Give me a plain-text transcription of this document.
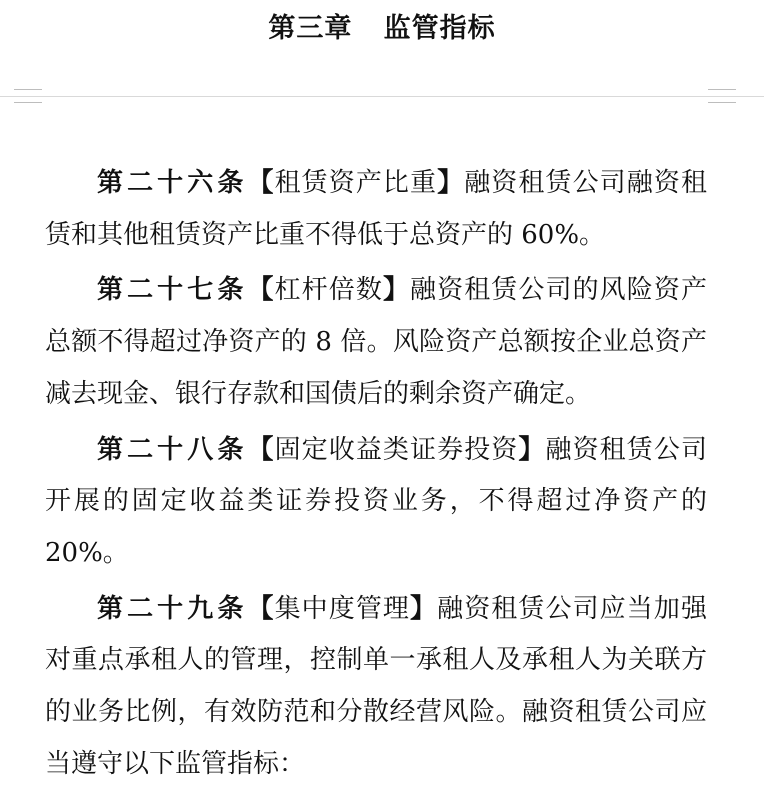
第三章   监管指标

第二十六条【租赁资产比重】融资租赁公司融资租赁和其他租赁资产比重不得低于总资产的 60%。

第二十七条【杠杆倍数】融资租赁公司的风险资产总额不得超过净资产的 8 倍。风险资产总额按企业总资产减去现金、银行存款和国债后的剩余资产确定。

第二十八条【固定收益类证券投资】融资租赁公司开展的固定收益类证券投资业务，不得超过净资产的 20%。

第二十九条【集中度管理】融资租赁公司应当加强对重点承租人的管理，控制单一承租人及承租人为关联方的业务比例，有效防范和分散经营风险。融资租赁公司应当遵守以下监管指标：
